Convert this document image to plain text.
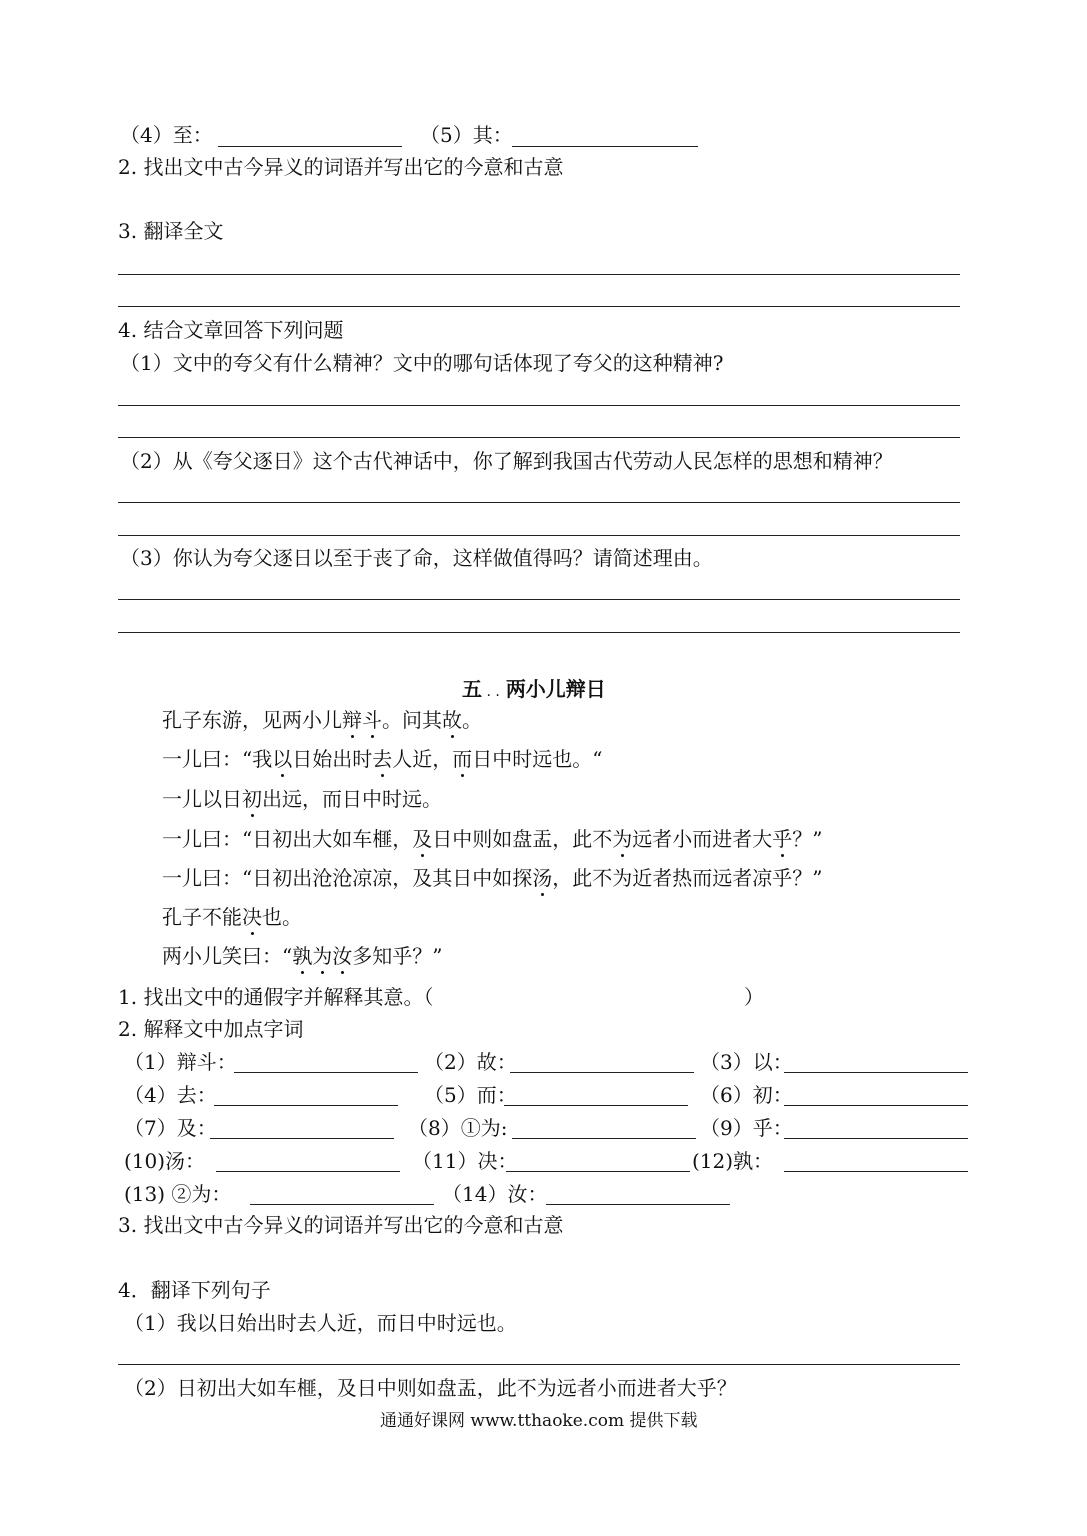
（4）至：	（5）其：
2. 找出文中古今异义的词语并写出它的今意和古意
3. 翻译全文
4. 结合文章回答下列问题
（1）文中的夸父有什么精神？文中的哪句话体现了夸父的这种精神?
（2）从《夸父逐日》这个古代神话中，你了解到我国古代劳动人民怎样的思想和精神？
（3）你认为夸父逐日以至于丧了命，这样做值得吗？请简述理由。
五 . . 两小儿辩日
孔子东游，见两小儿辩斗。问其故。
一儿曰：“我以日始出时去人近，而日中时远也。“
一儿以日初出远，而日中时远。
一儿曰：“日初出大如车榧，及日中则如盘盂，此不为远者小而进者大乎？”
一儿曰：“日初出沧沧凉凉，及其日中如探汤，此不为近者热而远者凉乎？”
孔子不能决也。
两小儿笑曰：“孰为汝多知乎？”
1. 找出文中的通假字并解释其意。（	）
2. 解释文中加点字词
（1）辩斗：	（2）故：	（3）以：
（4）去：	（5）而：	（6）初：
（7）及：	（8）①为:	（9）乎：
(10)汤：	（11）决：	(12)孰：
(13) ②为：	（14）汝：
3. 找出文中古今异义的词语并写出它的今意和古意
4．翻译下列句子
（1）我以日始出时去人近，而日中时远也。
（2）日初出大如车榧，及日中则如盘盂，此不为远者小而进者大乎？
通通好课网 www.tthaoke.com 提供下载
